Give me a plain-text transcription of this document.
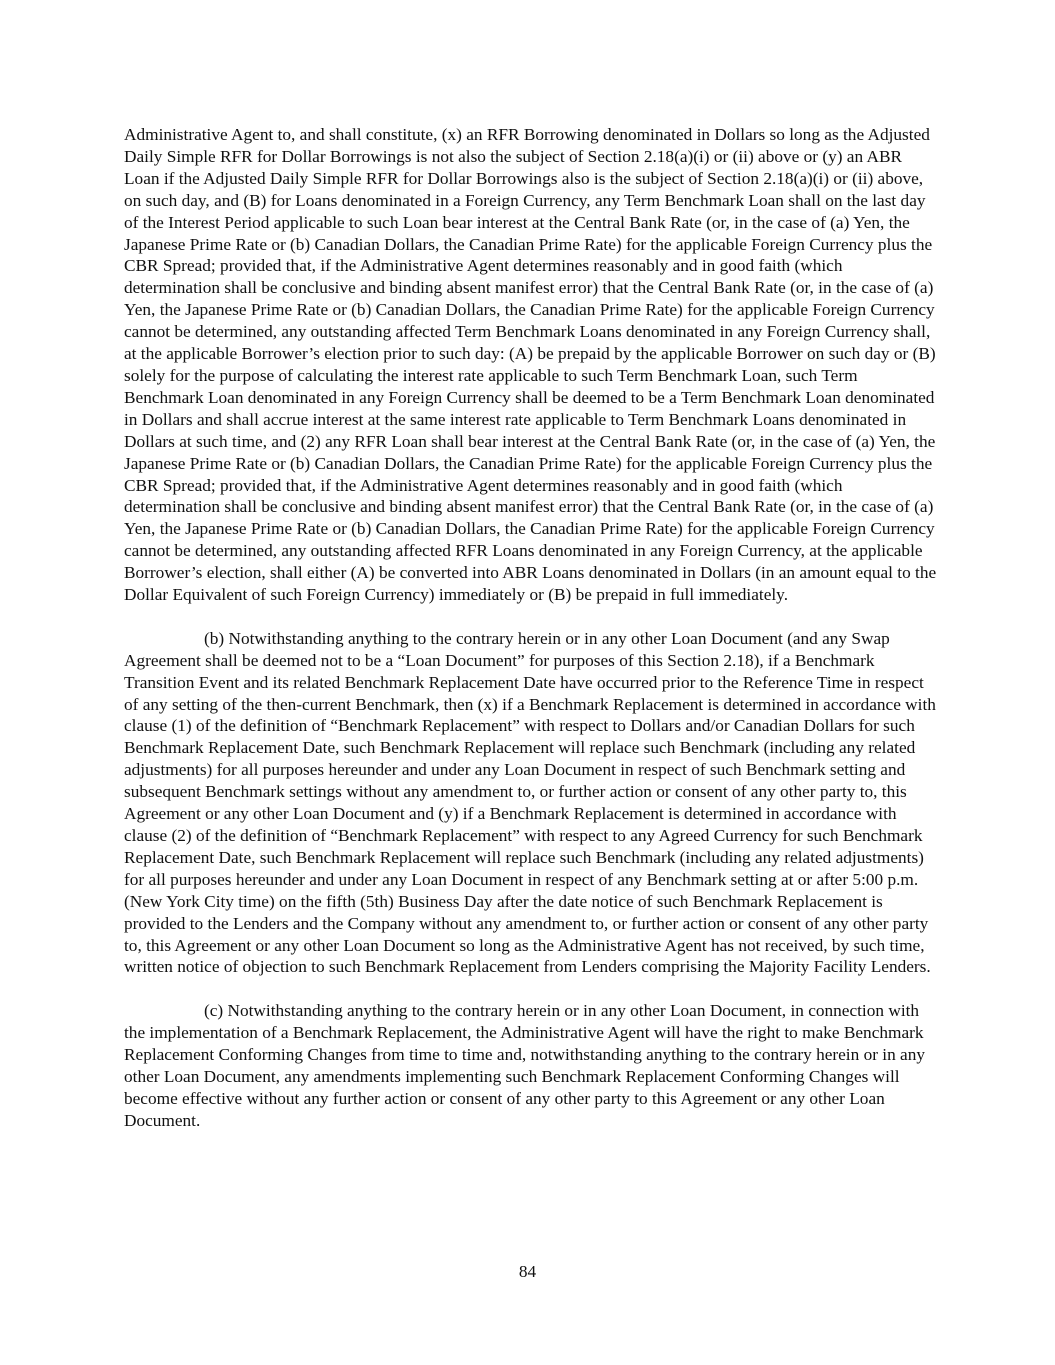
Administrative Agent to, and shall constitute, (x) an RFR Borrowing denominated in Dollars so long as the Adjusted Daily Simple RFR for Dollar Borrowings is not also the subject of Section 2.18(a)(i) or (ii) above or (y) an ABR Loan if the Adjusted Daily Simple RFR for Dollar Borrowings also is the subject of Section 2.18(a)(i) or (ii) above, on such day, and (B) for Loans denominated in a Foreign Currency, any Term Benchmark Loan shall on the last day of the Interest Period applicable to such Loan bear interest at the Central Bank Rate (or, in the case of (a) Yen, the Japanese Prime Rate or (b) Canadian Dollars, the Canadian Prime Rate) for the applicable Foreign Currency plus the CBR Spread; provided that, if the Administrative Agent determines reasonably and in good faith (which determination shall be conclusive and binding absent manifest error) that the Central Bank Rate (or, in the case of (a) Yen, the Japanese Prime Rate or (b) Canadian Dollars, the Canadian Prime Rate) for the applicable Foreign Currency cannot be determined, any outstanding affected Term Benchmark Loans denominated in any Foreign Currency shall, at the applicable Borrower’s election prior to such day: (A) be prepaid by the applicable Borrower on such day or (B) solely for the purpose of calculating the interest rate applicable to such Term Benchmark Loan, such Term Benchmark Loan denominated in any Foreign Currency shall be deemed to be a Term Benchmark Loan denominated in Dollars and shall accrue interest at the same interest rate applicable to Term Benchmark Loans denominated in Dollars at such time, and (2) any RFR Loan shall bear interest at the Central Bank Rate (or, in the case of (a) Yen, the Japanese Prime Rate or (b) Canadian Dollars, the Canadian Prime Rate) for the applicable Foreign Currency plus the CBR Spread; provided that, if the Administrative Agent determines reasonably and in good faith (which determination shall be conclusive and binding absent manifest error) that the Central Bank Rate (or, in the case of (a) Yen, the Japanese Prime Rate or (b) Canadian Dollars, the Canadian Prime Rate) for the applicable Foreign Currency cannot be determined, any outstanding affected RFR Loans denominated in any Foreign Currency, at the applicable Borrower’s election, shall either (A) be converted into ABR Loans denominated in Dollars (in an amount equal to the Dollar Equivalent of such Foreign Currency) immediately or (B) be prepaid in full immediately.

(b) Notwithstanding anything to the contrary herein or in any other Loan Document (and any Swap Agreement shall be deemed not to be a “Loan Document” for purposes of this Section 2.18), if a Benchmark Transition Event and its related Benchmark Replacement Date have occurred prior to the Reference Time in respect of any setting of the then-current Benchmark, then (x) if a Benchmark Replacement is determined in accordance with clause (1) of the definition of “Benchmark Replacement” with respect to Dollars and/or Canadian Dollars for such Benchmark Replacement Date, such Benchmark Replacement will replace such Benchmark (including any related adjustments) for all purposes hereunder and under any Loan Document in respect of such Benchmark setting and subsequent Benchmark settings without any amendment to, or further action or consent of any other party to, this Agreement or any other Loan Document and (y) if a Benchmark Replacement is determined in accordance with clause (2) of the definition of “Benchmark Replacement” with respect to any Agreed Currency for such Benchmark Replacement Date, such Benchmark Replacement will replace such Benchmark (including any related adjustments) for all purposes hereunder and under any Loan Document in respect of any Benchmark setting at or after 5:00 p.m. (New York City time) on the fifth (5th) Business Day after the date notice of such Benchmark Replacement is provided to the Lenders and the Company without any amendment to, or further action or consent of any other party to, this Agreement or any other Loan Document so long as the Administrative Agent has not received, by such time, written notice of objection to such Benchmark Replacement from Lenders comprising the Majority Facility Lenders.

(c) Notwithstanding anything to the contrary herein or in any other Loan Document, in connection with the implementation of a Benchmark Replacement, the Administrative Agent will have the right to make Benchmark Replacement Conforming Changes from time to time and, notwithstanding anything to the contrary herein or in any other Loan Document, any amendments implementing such Benchmark Replacement Conforming Changes will become effective without any further action or consent of any other party to this Agreement or any other Loan Document.

84
